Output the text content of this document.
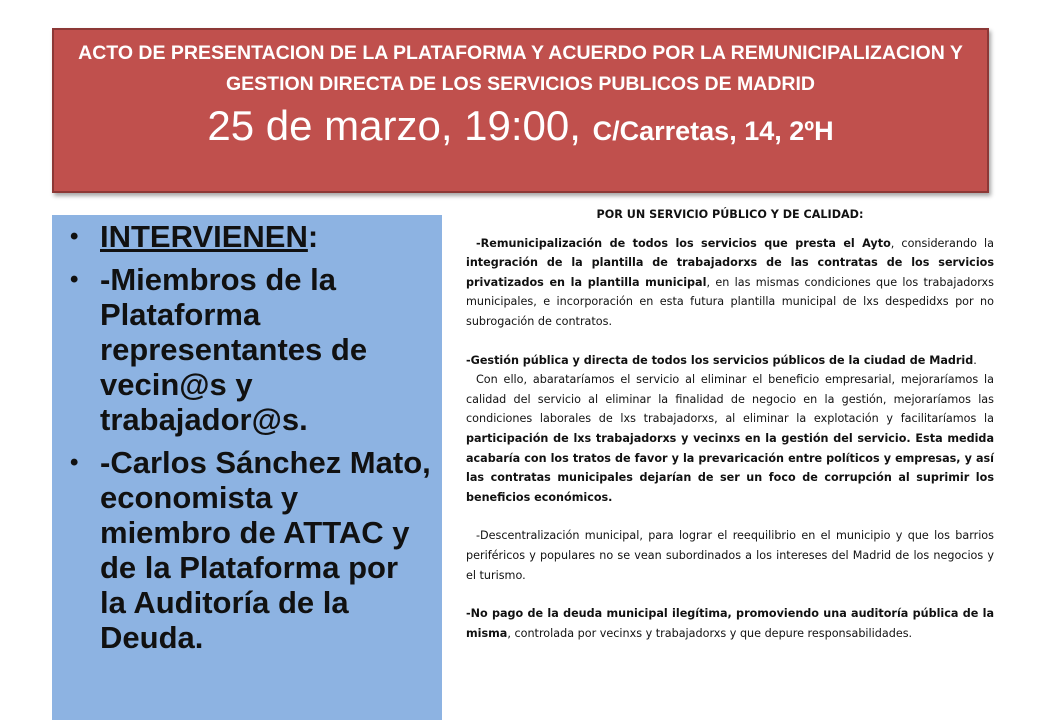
ACTO DE PRESENTACION DE LA PLATAFORMA Y ACUERDO POR LA REMUNICIPALIZACION Y GESTION DIRECTA DE LOS SERVICIOS PUBLICOS DE MADRID

25 de marzo, 19:00, C/Carretas, 14, 2ºH
• INTERVIENEN:
• -Miembros de la Plataforma representantes de vecin@s y trabajador@s.
• -Carlos Sánchez Mato, economista y miembro de ATTAC y de la Plataforma por la Auditoría de la Deuda.

POR UN SERVICIO PÚBLICO Y DE CALIDAD:

-Remunicipalización de todos los servicios que presta el Ayto, considerando la integración de la plantilla de trabajadorxs de las contratas de los servicios privatizados en la plantilla municipal, en las mismas condiciones que los trabajadorxs municipales, e incorporación en esta futura plantilla municipal de lxs despedidxs por no subrogación de contratos.

-Gestión pública y directa de todos los servicios públicos de la ciudad de Madrid.

Con ello, abarataríamos el servicio al eliminar el beneficio empresarial, mejoraríamos la calidad del servicio al eliminar la finalidad de negocio en la gestión, mejoraríamos las condiciones laborales de lxs trabajadorxs, al eliminar la explotación y facilitaríamos la participación de lxs trabajadorxs y vecinxs en la gestión del servicio. Esta medida acabaría con los tratos de favor y la prevaricación entre políticos y empresas, y así las contratas municipales dejarían de ser un foco de corrupción al suprimir los beneficios económicos.

-Descentralización municipal, para lograr el reequilibrio en el municipio y que los barrios periféricos y populares no se vean subordinados a los intereses del Madrid de los negocios y el turismo.

-No pago de la deuda municipal ilegítima, promoviendo una auditoría pública de la misma, controlada por vecinxs y trabajadorxs y que depure responsabilidades.
